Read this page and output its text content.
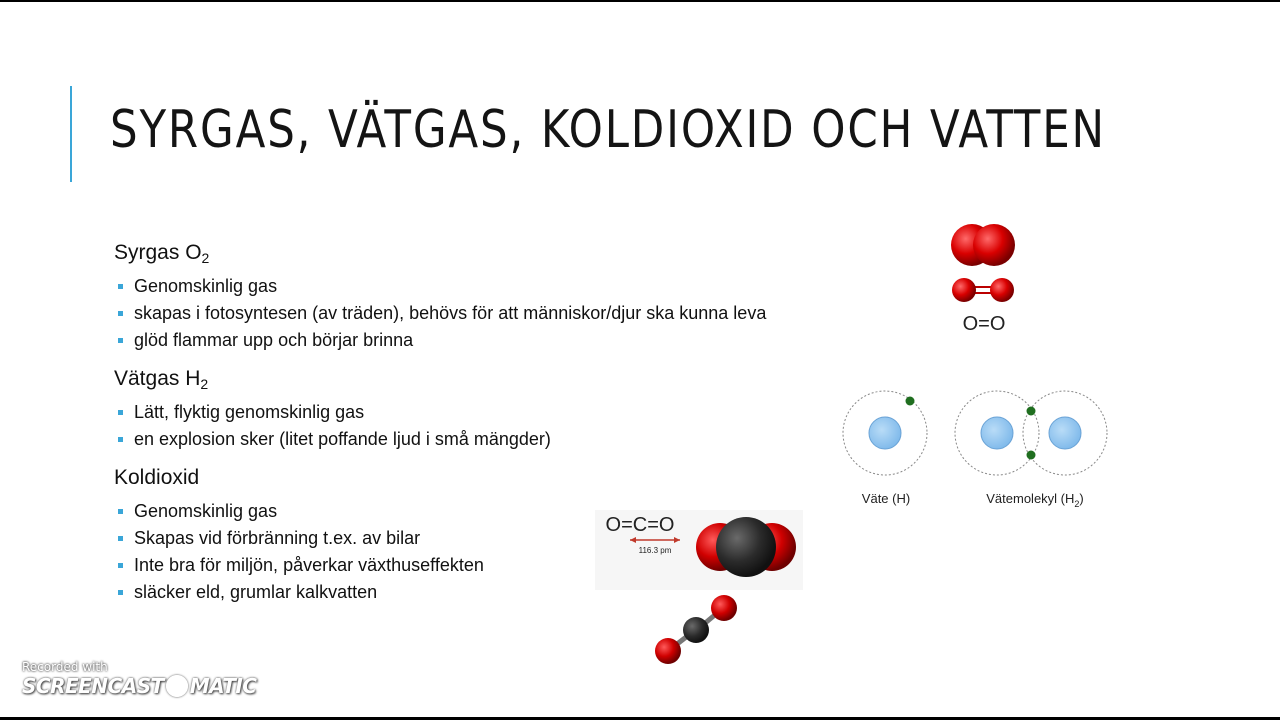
SYRGAS, VÄTGAS, KOLDIOXID OCH VATTEN
Syrgas $O_2$
Genomskinlig gas
skapas i fotosyntesen (av träden), behövs för att människor/djur ska kunna leva
glöd flammar upp och börjar brinna
Vätgas $H_2$
Lätt, flyktig genomskinlig gas
en explosion sker (litet poffande ljud i små mängder)
Koldioxid
Genomskinlig gas
Skapas vid förbränning t.ex. av bilar
Inte bra för miljön, påverkar växthuseffekten
släcker eld, grumlar kalkvatten
O=O
Väte (H)	Vätemolekyl $(H_2)$
O=C=O
116.3 pm
Recorded with
SCREENCAST MATIC
